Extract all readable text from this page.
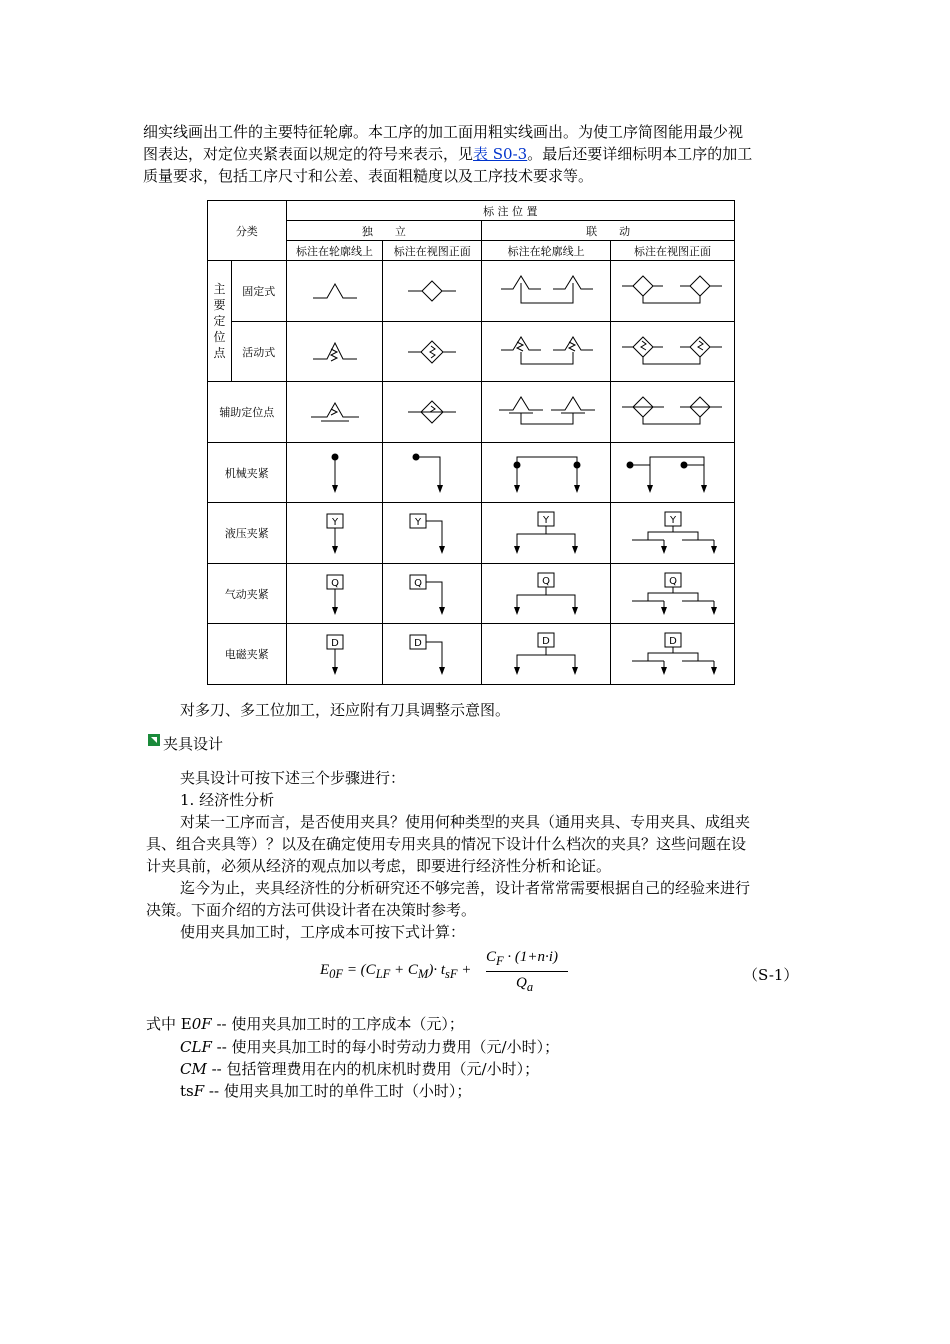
细实线画出工件的主要特征轮廓。本工序的加工面用粗实线画出。为使工序简图能用最少视
图表达，对定位夹紧表面以规定的符号来表示，见表 S0-3。最后还要详细标明本工序的加工
质量要求，包括工序尺寸和公差、表面粗糙度以及工序技术要求等。
分类		标 注 位 置			
		独　　立		联　　动	
		标注在轮廓线上	标注在视图正面	标注在轮廓线上	标注在视图正面

主
要
定
位
点	固定式	

	活动式	

辅助定位点	

机械夹紧	

液压夹紧		Y	Y	Y	Y

气动夹紧		Q	Q	Q	Q

电磁夹紧		D	D	D	D
对多刀、多工位加工，还应附有刀具调整示意图。
夹具设计
夹具设计可按下述三个步骤进行：
1. 经济性分析
对某一工序而言，是否使用夹具？使用何种类型的夹具（通用夹具、专用夹具、成组夹
具、组合夹具等）？以及在确定使用专用夹具的情况下设计什么档次的夹具？这些问题在设
计夹具前，必须从经济的观点加以考虑，即要进行经济性分析和论证。
迄今为止，夹具经济性的分析研究还不够完善，设计者常常需要根据自己的经验来进行
决策。下面介绍的方法可供设计者在决策时参考。
使用夹具加工时，工序成本可按下式计算：
$E_{0F} = (C_{LF} + C_M)\cdot t_{sF}$ +
$C_F \cdot (1+n\cdot i)$
$Q_a$
（S-1）
式中 E0F -- 使用夹具加工时的工序成本（元）；
CLF -- 使用夹具加工时的每小时劳动力费用（元/小时）；
CM -- 包括管理费用在内的机床机时费用（元/小时）；
tsF -- 使用夹具加工时的单件工时（小时）；
